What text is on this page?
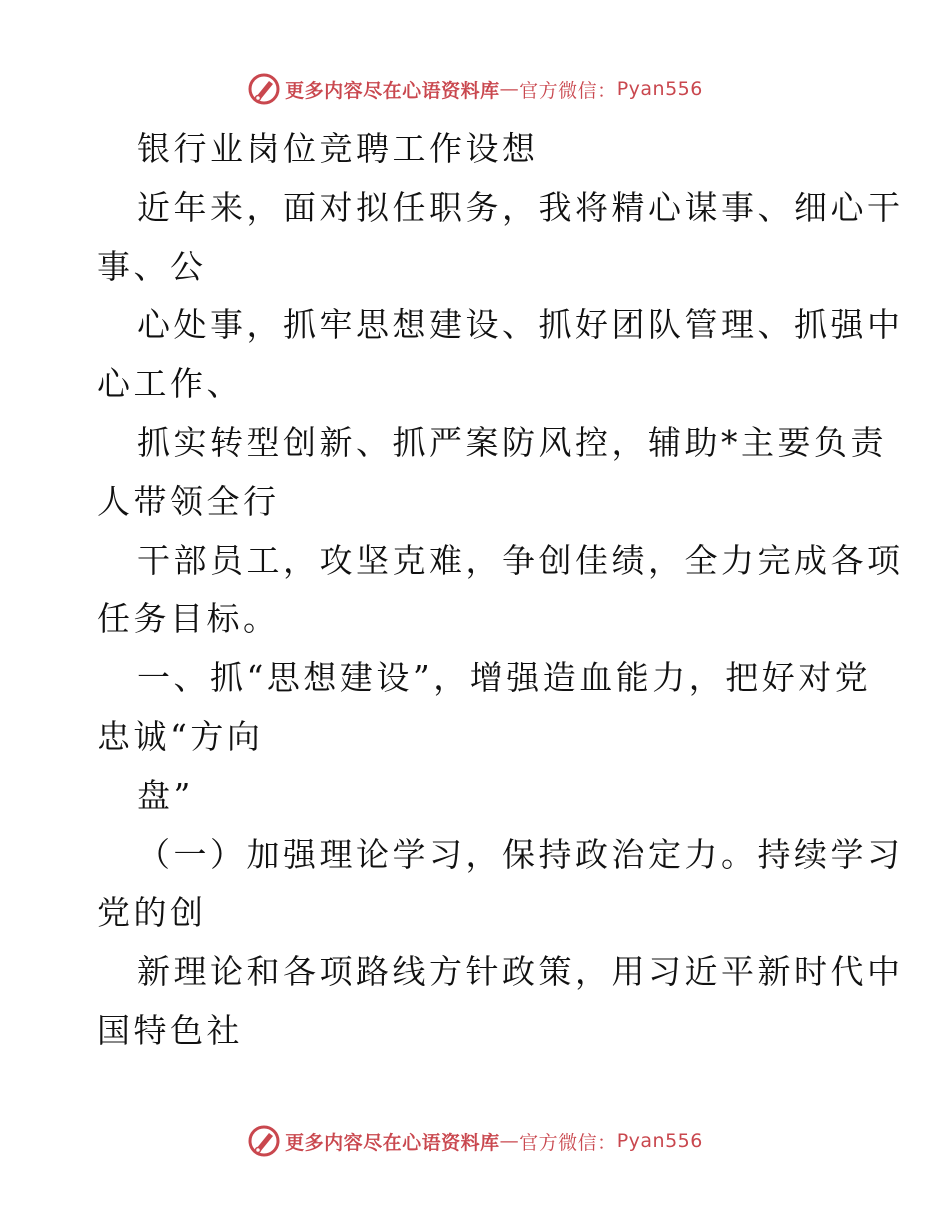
更多内容尽在心语资料库 — 官方微信： Pyan556
银行业岗位竞聘工作设想
近年来，面对拟任职务，我将精心谋事、细心干
事、公
心处事，抓牢思想建设、抓好团队管理、抓强中
心工作、
抓实转型创新、抓严案防风控，辅助*主要负责
人带领全行
干部员工，攻坚克难，争创佳绩，全力完成各项
任务目标。
一、抓“思想建设”，增强造血能力，把好对党
忠诚“方向
盘”
（一）加强理论学习，保持政治定力。持续学习
党的创
新理论和各项路线方针政策，用习近平新时代中
国特色社
更多内容尽在心语资料库 — 官方微信： Pyan556
